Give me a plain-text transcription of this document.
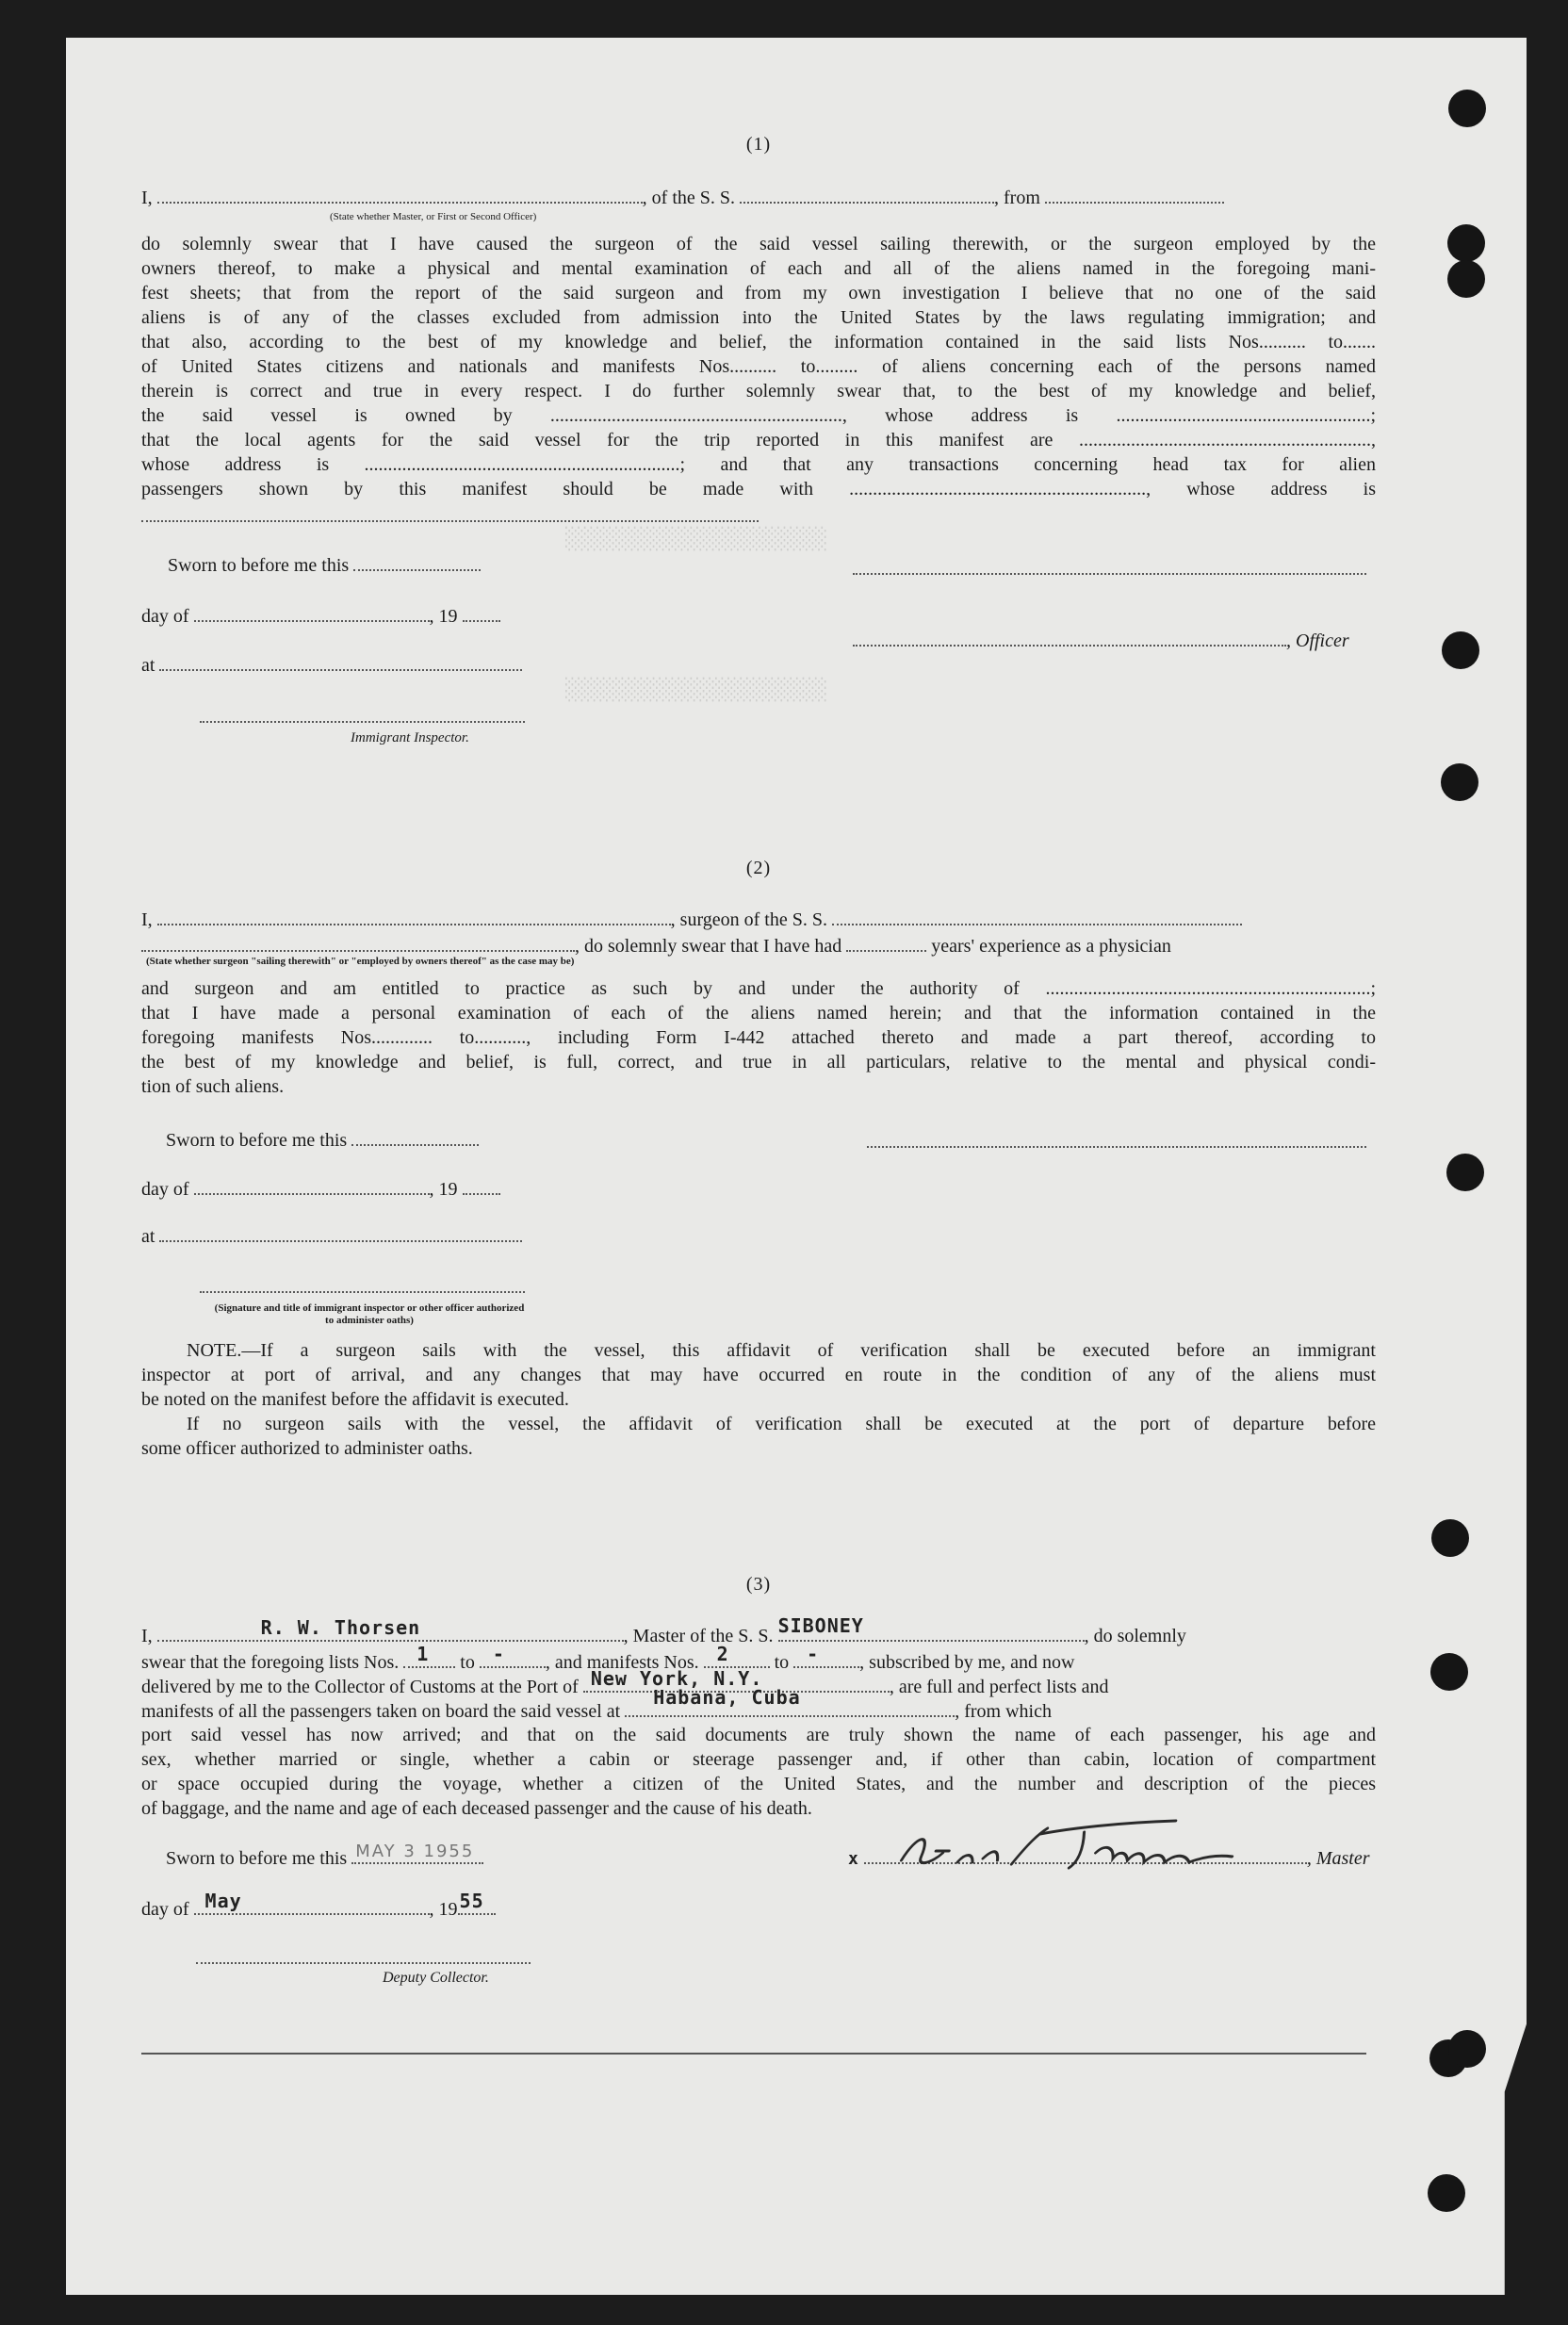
░░░░░░░░░░░░░░░░░░░░░
░░░░░░░░░░░░░░░░░░░░░
(1)
I,	, of the S. S.	, from
(State whether Master, or First or Second Officer)

do solemnly swear that I have caused the surgeon of the said vessel sailing therewith, or the surgeon employed by the

owners thereof, to make a physical and mental examination of each and all of the aliens named in the foregoing mani-

fest sheets; that from the report of the said surgeon and from my own investigation I believe that no one of the said

aliens is of any of the classes excluded from admission into the United States by the laws regulating immigration; and

that also, according to the best of my knowledge and belief, the information contained in the said lists Nos.......... to.......

of United States citizens and nationals and manifests Nos.......... to......... of aliens concerning each of the persons named

therein is correct and true in every respect. I do further solemnly swear that, to the best of my knowledge and belief,

the said vessel is owned by .............................................................., whose address is ......................................................;

that the local agents for the said vessel for the trip reported in this manifest are ..............................................................,

whose address is ...................................................................; and that any transactions concerning head tax for alien

passengers shown by this manifest should be made with ..............................................................., whose address is

Sworn to before me this
day of	, 19
, Officer
at
Immigrant Inspector.
(2)
I,	, surgeon of the S. S.
, do solemnly swear that I have had	years' experience as a physician
(State whether surgeon "sailing therewith" or "employed by owners thereof" as the case may be)

and surgeon and am entitled to practice as such by and under the authority of .....................................................................;

that I have made a personal examination of each of the aliens named herein; and that the information contained in the

foregoing manifests Nos............. to..........., including Form I-442 attached thereto and made a part thereof, according to

the best of my knowledge and belief, is full, correct, and true in all particulars, relative to the mental and physical condi-

tion of such aliens.

Sworn to before me this
day of	, 19
at
(Signature and title of immigrant inspector or other officer authorized to administer oaths)

NOTE.—If a surgeon sails with the vessel, this affidavit of verification shall be executed before an immigrant

inspector at port of arrival, and any changes that may have occurred en route in the condition of any of the aliens must

be noted on the manifest before the affidavit is executed.

If no surgeon sails with the vessel, the affidavit of verification shall be executed at the port of departure before

some officer authorized to administer oaths.

(3)
I,	R. W. Thorsen	, Master of the S. S. SIBONEY	, do solemnly
swear that the foregoing lists Nos. 1 to - , and manifests Nos. 2 to - , subscribed by me, and now
delivered by me to the Collector of Customs at the Port of New York, N.Y.	, are full and perfect lists and
manifests of all the passengers taken on board the said vessel at
Habana, Cuba
, from which

port said vessel has now arrived; and that on the said documents are truly shown the name of each passenger, his age and

sex, whether married or single, whether a cabin or steerage passenger and, if other than cabin, location of compartment

or space occupied during the voyage, whether a citizen of the United States, and the number and description of the pieces

of baggage, and the name and age of each deceased passenger and the cause of his death.

Sworn to before me this MAY 3 1955	x	, Master
day of May	, 19 55
Deputy Collector.
